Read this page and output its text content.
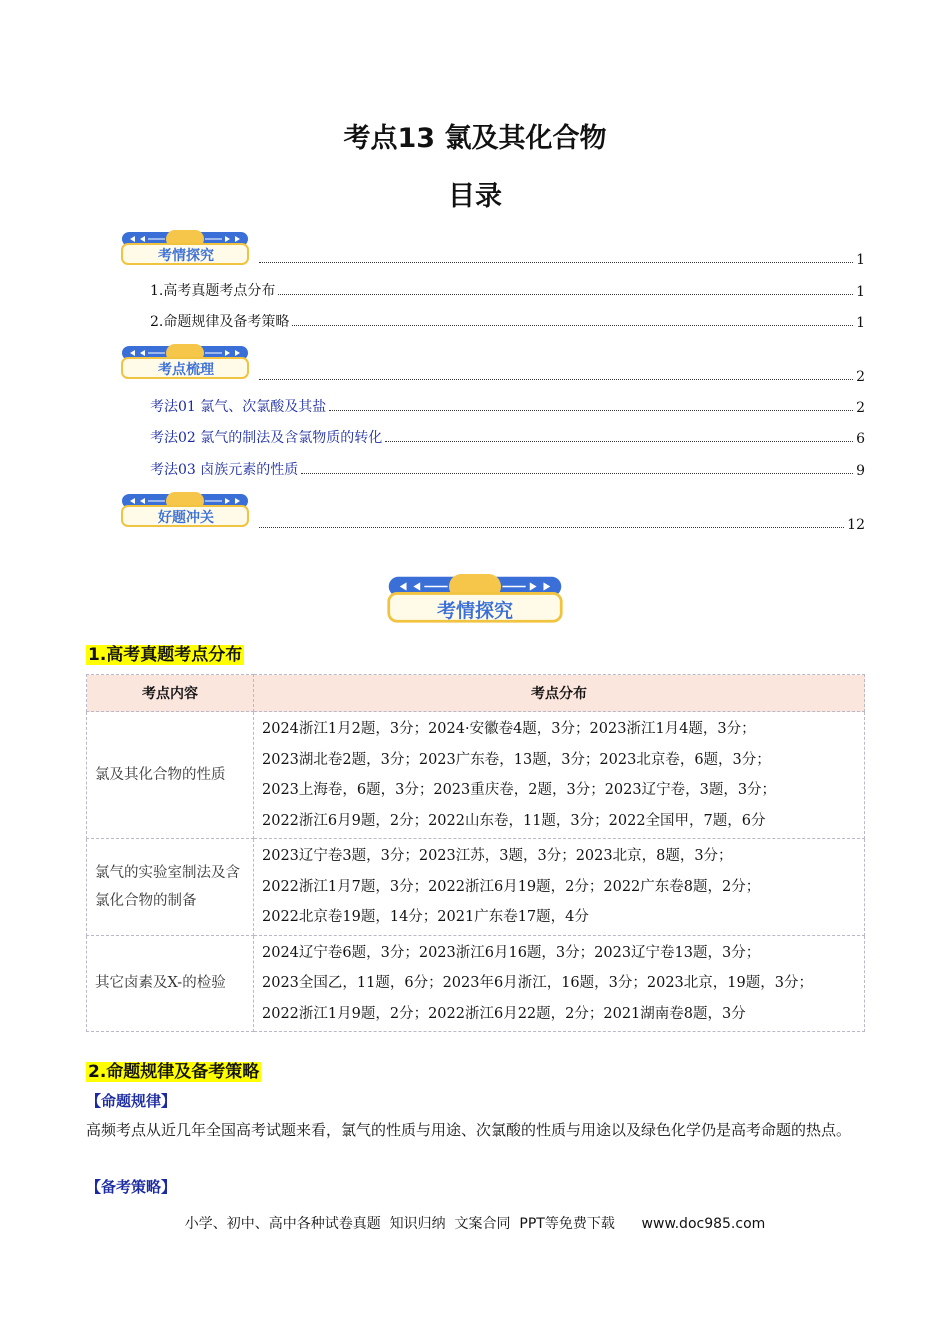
考点13 氯及其化合物
目录
考情探究	1
1.高考真题考点分布	1
2.命题规律及备考策略	1
考点梳理	2
考法01 氯气、次氯酸及其盐	2
考法02 氯气的制法及含氯物质的转化	6
考法03 卤族元素的性质	9
好题冲关	12
考情探究
1.高考真题考点分布
考点内容	考点分布
氯及其化合物的性质	2024浙江1月2题，3分；2024·安徽卷4题，3分；2023浙江1月4题，3分；
2023湖北卷2题，3分；2023广东卷，13题，3分；2023北京卷，6题，3分；
2023上海卷，6题，3分；2023重庆卷，2题，3分；2023辽宁卷，3题，3分；
2022浙江6月9题，2分；2022山东卷，11题，3分；2022全国甲，7题，6分

氯气的实验室制法及含氯化合物的制备	2023辽宁卷3题，3分；2023江苏，3题，3分；2023北京，8题，3分；
2022浙江1月7题，3分；2022浙江6月19题，2分；2022广东卷8题，2分；
2022北京卷19题，14分；2021广东卷17题，4分

其它卤素及X-的检验	2024辽宁卷6题，3分；2023浙江6月16题，3分；2023辽宁卷13题，3分；
2023全国乙，11题，6分；2023年6月浙江，16题，3分；2023北京，19题，3分；
2022浙江1月9题，2分；2022浙江6月22题，2分；2021湖南卷8题，3分
2.命题规律及备考策略
【命题规律】
高频考点从近几年全国高考试题来看，氯气的性质与用途、次氯酸的性质与用途以及绿色化学仍是高考命题的热点。
【备考策略】
小学、初中、高中各种试卷真题  知识归纳  文案合同  PPT等免费下载      www.doc985.com
